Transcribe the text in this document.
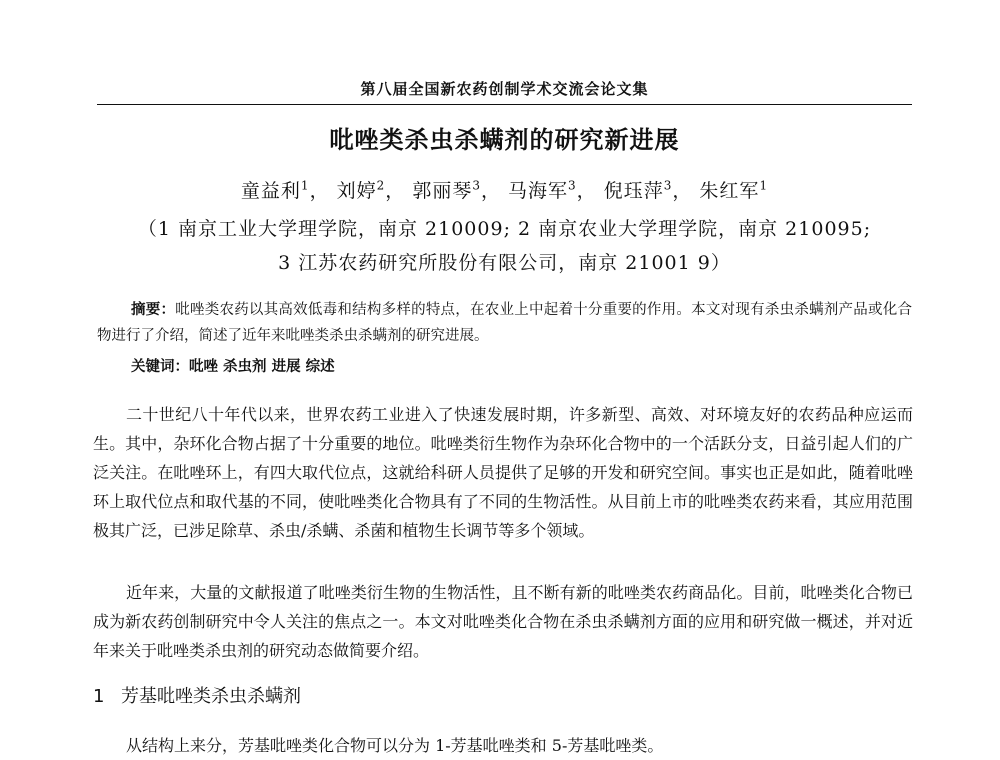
第八届全国新农药创制学术交流会论文集
吡唑类杀虫杀螨剂的研究新进展
童益利$^1$， 刘婷$^2$， 郭丽琴$^3$， 马海军$^3$， 倪珏萍$^3$， 朱红军$^1$
（1 南京工业大学理学院，南京 210009; 2 南京农业大学理学院，南京 210095;
3 江苏农药研究所股份有限公司，南京 21001 9）
摘要：吡唑类农药以其高效低毒和结构多样的特点，在农业上中起着十分重要的作用。本文对现有杀虫杀螨剂产品或化合物进行了介绍，简述了近年来吡唑类杀虫杀螨剂的研究进展。
关键词：吡唑 杀虫剂 进展 综述
二十世纪八十年代以来，世界农药工业进入了快速发展时期，许多新型、高效、对环境友好的农药品种应运而生。其中，杂环化合物占据了十分重要的地位。吡唑类衍生物作为杂环化合物中的一个活跃分支，日益引起人们的广泛关注。在吡唑环上，有四大取代位点，这就给科研人员提供了足够的开发和研究空间。事实也正是如此，随着吡唑环上取代位点和取代基的不同，使吡唑类化合物具有了不同的生物活性。从目前上市的吡唑类农药来看，其应用范围极其广泛，已涉足除草、杀虫/杀螨、杀菌和植物生长调节等多个领域。
近年来，大量的文献报道了吡唑类衍生物的生物活性，且不断有新的吡唑类农药商品化。目前，吡唑类化合物已成为新农药创制研究中令人关注的焦点之一。本文对吡唑类化合物在杀虫杀螨剂方面的应用和研究做一概述，并对近年来关于吡唑类杀虫剂的研究动态做简要介绍。
1 芳基吡唑类杀虫杀螨剂
从结构上来分，芳基吡唑类化合物可以分为 1-芳基吡唑类和 5-芳基吡唑类。
